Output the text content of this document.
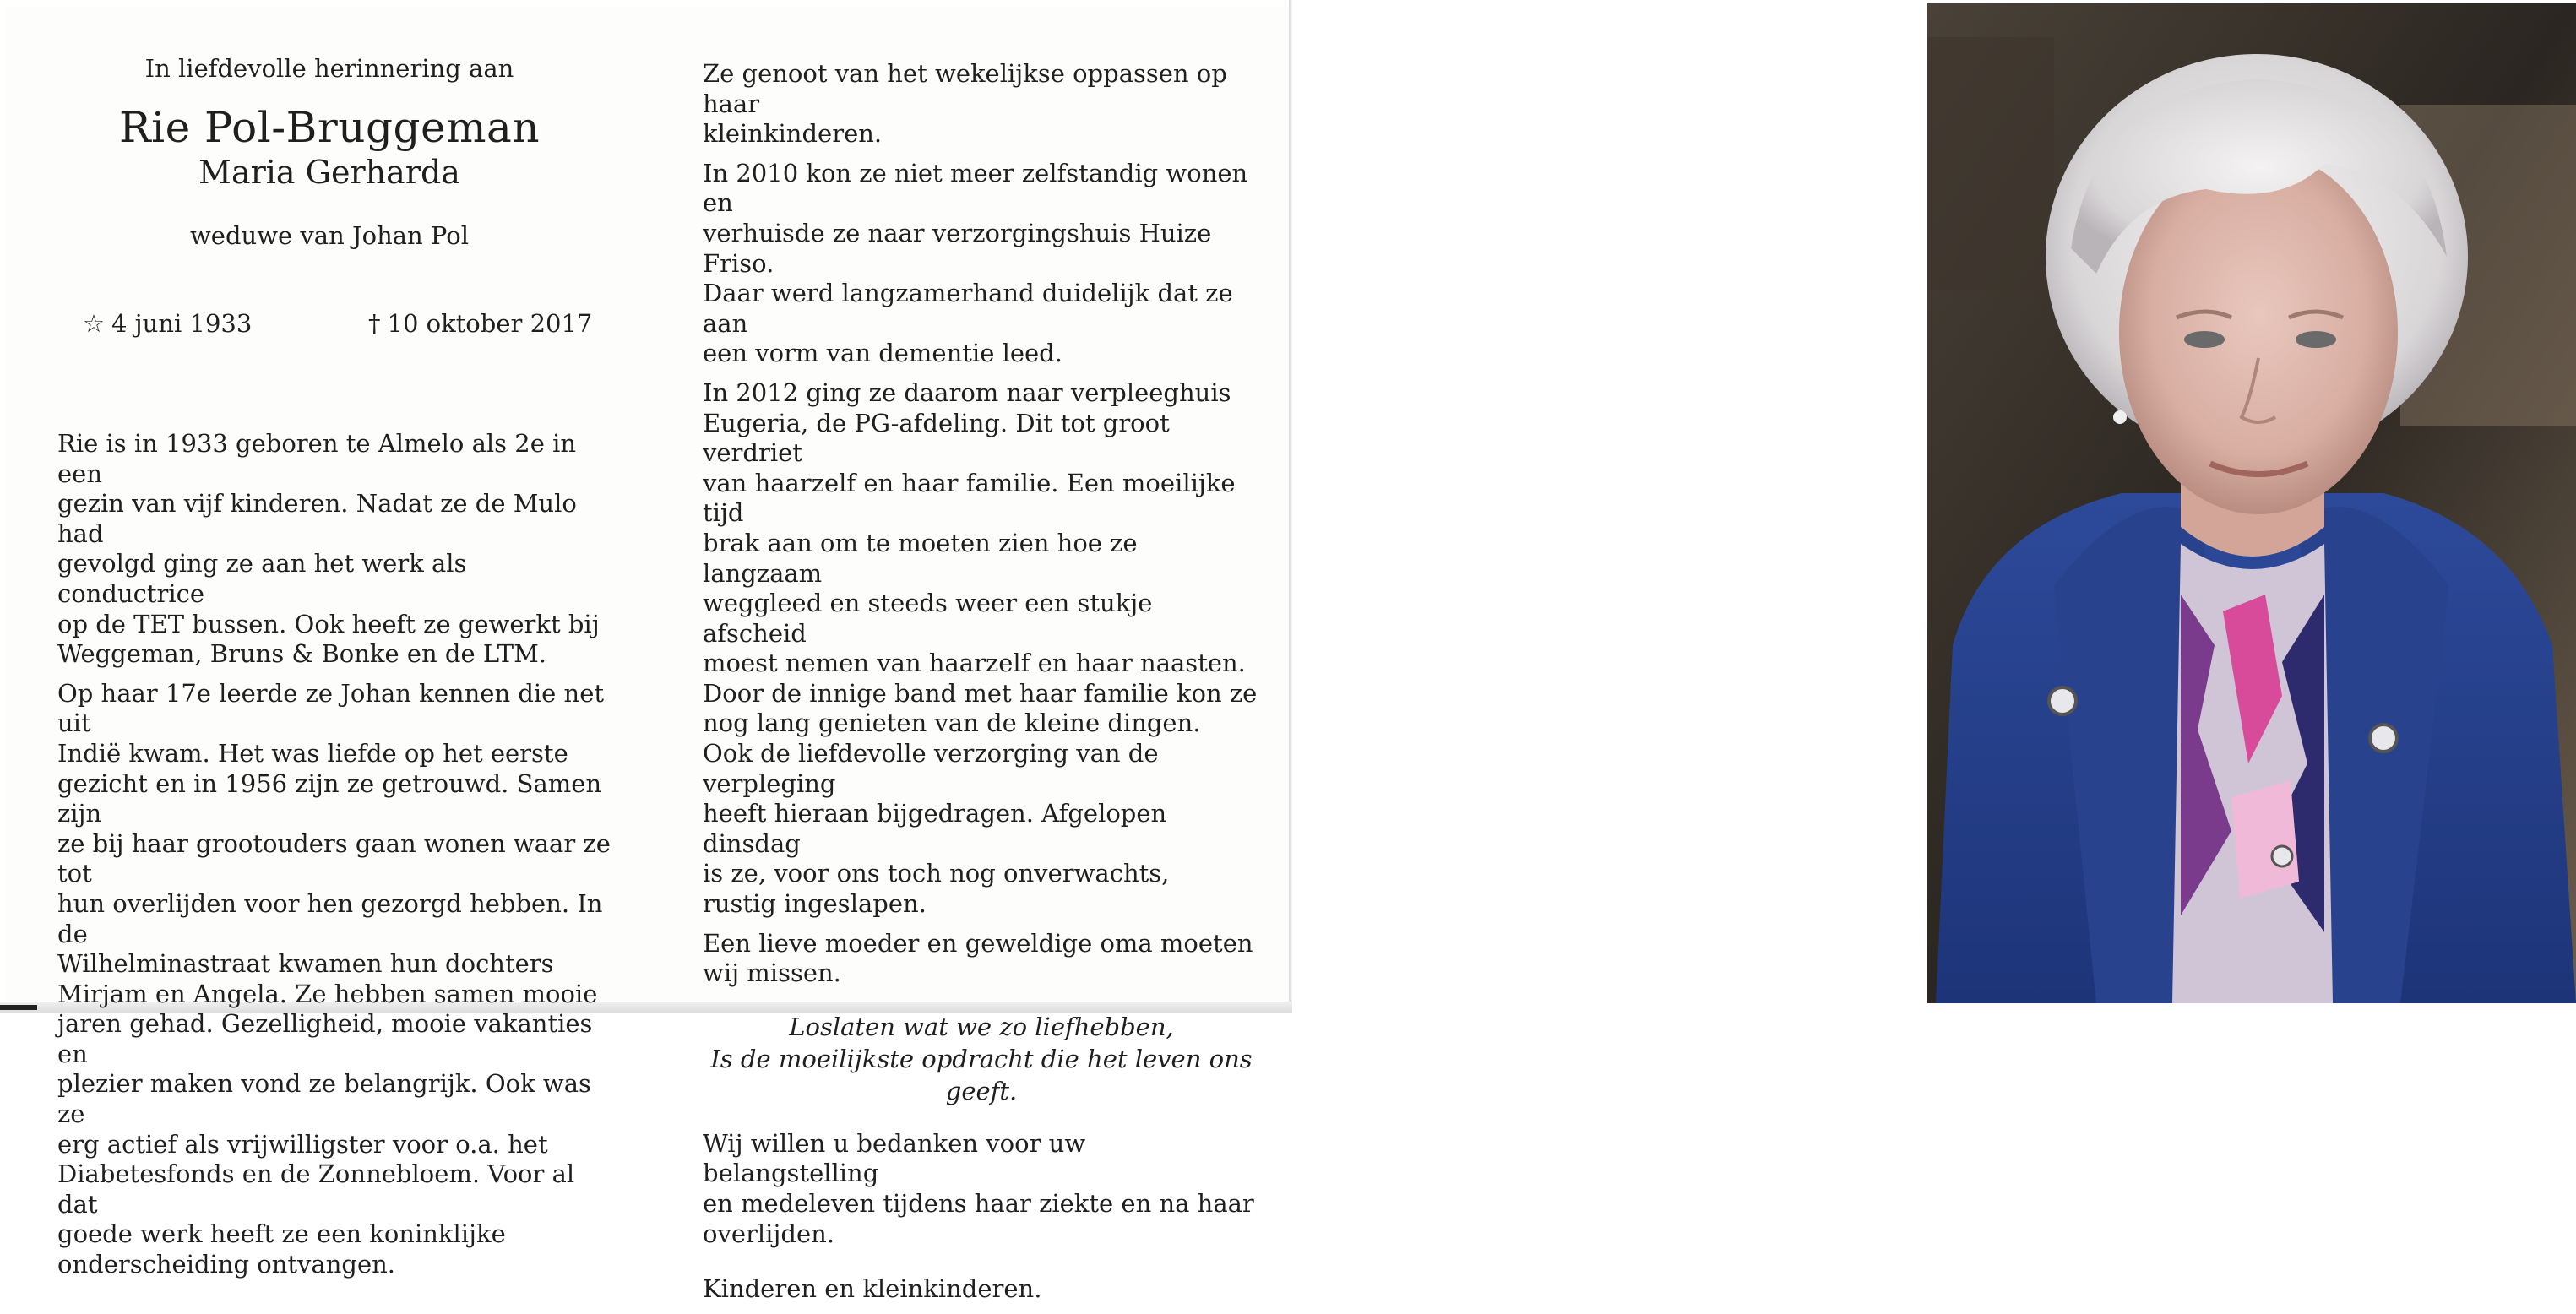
In liefdevolle herinnering aan
Rie Pol-Bruggeman
Maria Gerharda
weduwe van Johan Pol
☆ 4 juni 1933	† 10 oktober 2017

Rie is in 1933 geboren te Almelo als 2e in een
gezin van vijf kinderen. Nadat ze de Mulo had
gevolgd ging ze aan het werk als conductrice
op de TET bussen. Ook heeft ze gewerkt bij
Weggeman, Bruns & Bonke en de LTM.

Op haar 17e leerde ze Johan kennen die net uit
Indië kwam. Het was liefde op het eerste
gezicht en in 1956 zijn ze getrouwd. Samen zijn
ze bij haar grootouders gaan wonen waar ze tot
hun overlijden voor hen gezorgd hebben. In de
Wilhelminastraat kwamen hun dochters
Mirjam en Angela. Ze hebben samen mooie
jaren gehad. Gezelligheid, mooie vakanties en
plezier maken vond ze belangrijk. Ook was ze
erg actief als vrijwilligster voor o.a. het
Diabetesfonds en de Zonnebloem. Voor al dat
goede werk heeft ze een koninklijke
onderscheiding ontvangen.

Ze genoot van het wekelijkse oppassen op haar
kleinkinderen.

In 2010 kon ze niet meer zelfstandig wonen en
verhuisde ze naar verzorgingshuis Huize Friso.
Daar werd langzamerhand duidelijk dat ze aan
een vorm van dementie leed.

In 2012 ging ze daarom naar verpleeghuis
Eugeria, de PG-afdeling. Dit tot groot verdriet
van haarzelf en haar familie. Een moeilijke tijd
brak aan om te moeten zien hoe ze langzaam
weggleed en steeds weer een stukje afscheid
moest nemen van haarzelf en haar naasten.
Door de innige band met haar familie kon ze
nog lang genieten van de kleine dingen.
Ook de liefdevolle verzorging van de verpleging
heeft hieraan bijgedragen. Afgelopen dinsdag
is ze, voor ons toch nog onverwachts,
rustig ingeslapen.

Een lieve moeder en geweldige oma moeten
wij missen.

Loslaten wat we zo liefhebben,
Is de moeilijkste opdracht die het leven ons geeft.

Wij willen u bedanken voor uw belangstelling
en medeleven tijdens haar ziekte en na haar
overlijden.

Kinderen en kleinkinderen.
